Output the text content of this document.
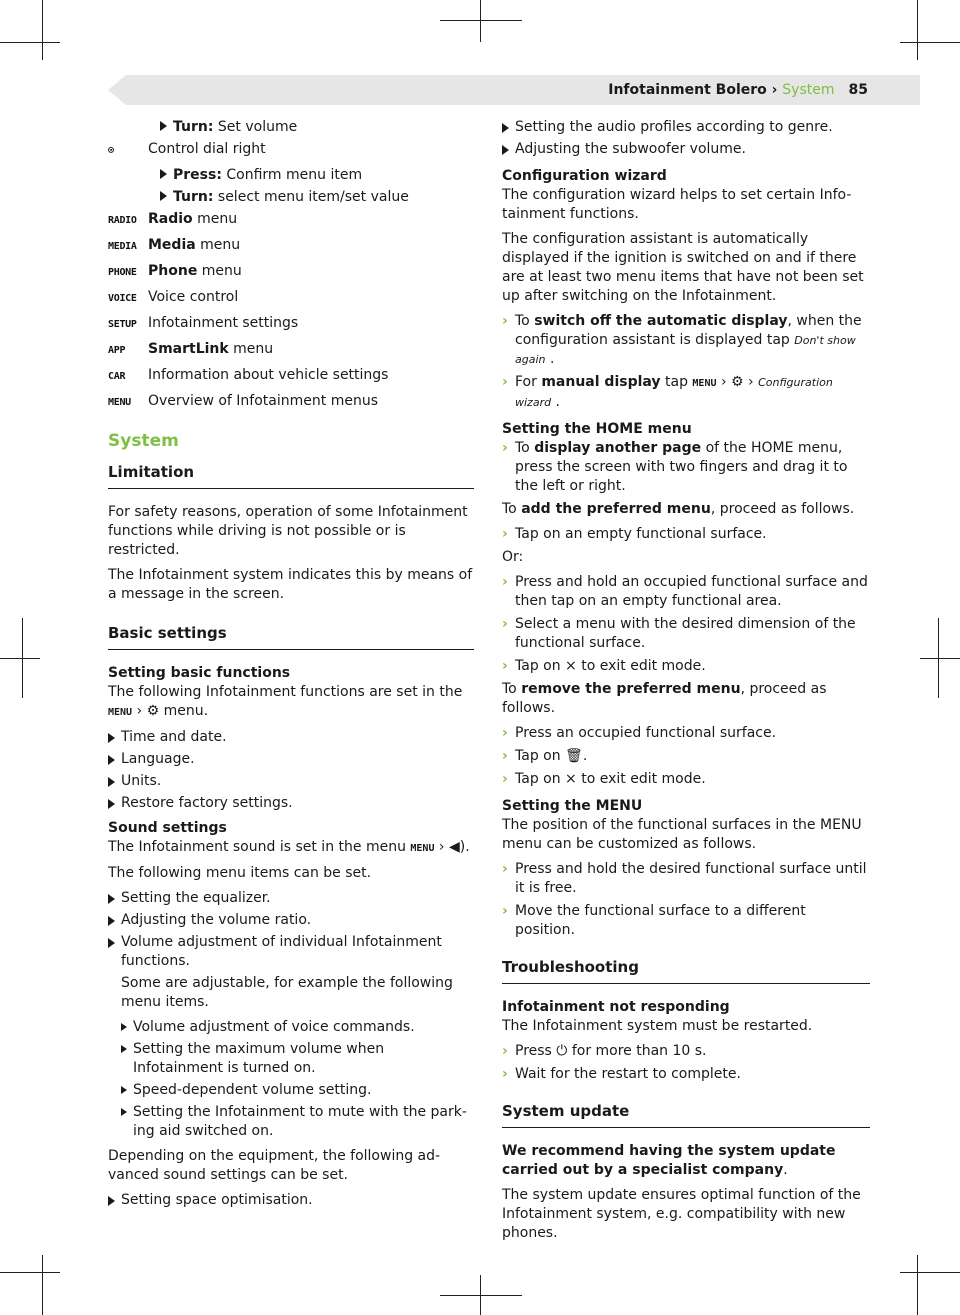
Infotainment Bolero › System 85
Turn: Set volume
⊙ Control dial right
Press: Confirm menu item
Turn: select menu item/set value
RADIO Radio menu
MEDIA Media menu
PHONE Phone menu
VOICE Voice control
SETUP Infotainment settings
APP SmartLink menu
CAR Information about vehicle settings
MENU Overview of Infotainment menus
System
Limitation

For safety reasons, operation of some Infotainment functions while driving is not possible or is restricted.

The Infotainment system indicates this by means of a message in the screen.

Basic settings

Setting basic functions

The following Infotainment functions are set in the
MENU › ⚙ menu.

Time and date.
Language.
Units.
Restore factory settings.

Sound settings

The Infotainment sound is set in the menu MENU › ◀).

The following menu items can be set.

Setting the equalizer.
Adjusting the volume ratio.
Volume adjustment of individual Infotainment functions.

Some are adjustable, for example the following menu items.

Volume adjustment of voice commands.
Setting the maximum volume when Infotainment is turned on.
Speed-dependent volume setting.
Setting the Infotainment to mute with the park-ing aid switched on.

Depending on the equipment, the following ad-vanced sound settings can be set.

Setting space optimisation.
Setting the audio profiles according to genre.
Adjusting the subwoofer volume.

Configuration wizard

The configuration wizard helps to set certain Info-tainment functions.

The configuration assistant is automatically displayed if the ignition is switched on and if there are at least two menu items that have not been set up after switching on the Infotainment.

› To switch off the automatic display, when the configuration assistant is displayed tap Don't show again .
› For manual display tap MENU › ⚙ › Configuration wizard .

Setting the HOME menu

› To display another page of the HOME menu, press the screen with two fingers and drag it to the left or right.

To add the preferred menu, proceed as follows.

› Tap on an empty functional surface.

Or:

› Press and hold an occupied functional surface and then tap on an empty functional area.
› Select a menu with the desired dimension of the functional surface.
› Tap on × to exit edit mode.

To remove the preferred menu, proceed as follows.

› Press an occupied functional surface.
› Tap on 🗑.
› Tap on × to exit edit mode.

Setting the MENU

The position of the functional surfaces in the MENU menu can be customized as follows.

› Press and hold the desired functional surface until it is free.
› Move the functional surface to a different position.
Troubleshooting

Infotainment not responding

The Infotainment system must be restarted.

› Press ⏻ for more than 10 s.
› Wait for the restart to complete.
System update

We recommend having the system update carried out by a specialist company.

The system update ensures optimal function of the Infotainment system, e.g. compatibility with new phones.
